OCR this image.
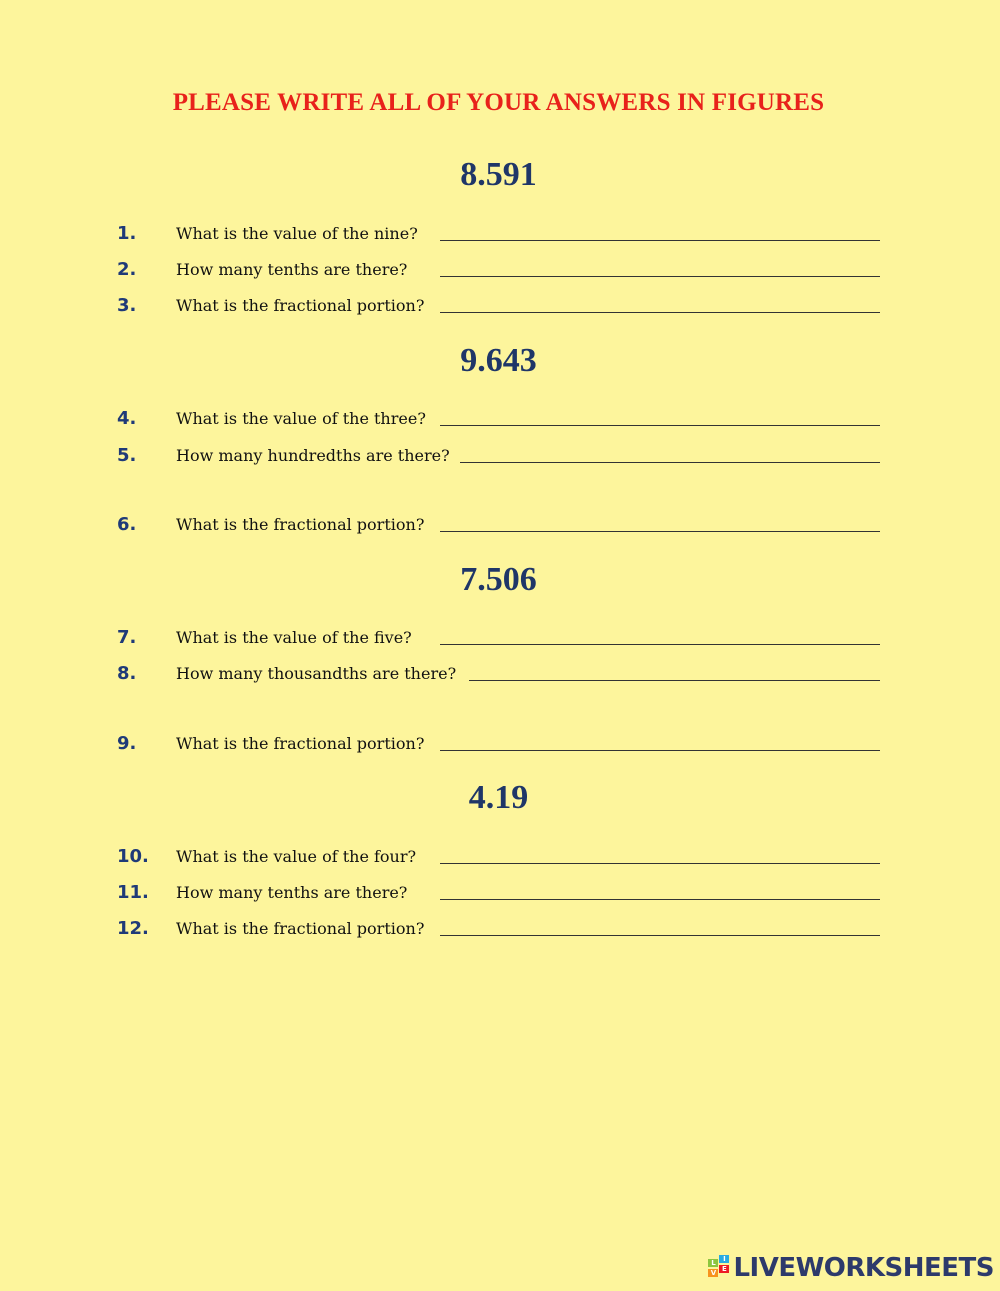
PLEASE WRITE ALL OF YOUR ANSWERS IN FIGURES
8.591
1. What is the value of the nine?
2. How many tenths are there?
3. What is the fractional portion?
9.643
4. What is the value of the three?
5. How many hundredths are there?
6. What is the fractional portion?
7.506
7. What is the value of the five?
8. How many thousandths are there?
9. What is the fractional portion?
4.19
10. What is the value of the four?
11. How many tenths are there?
12. What is the fractional portion?
L	I
V E LIVEWORKSHEETS
